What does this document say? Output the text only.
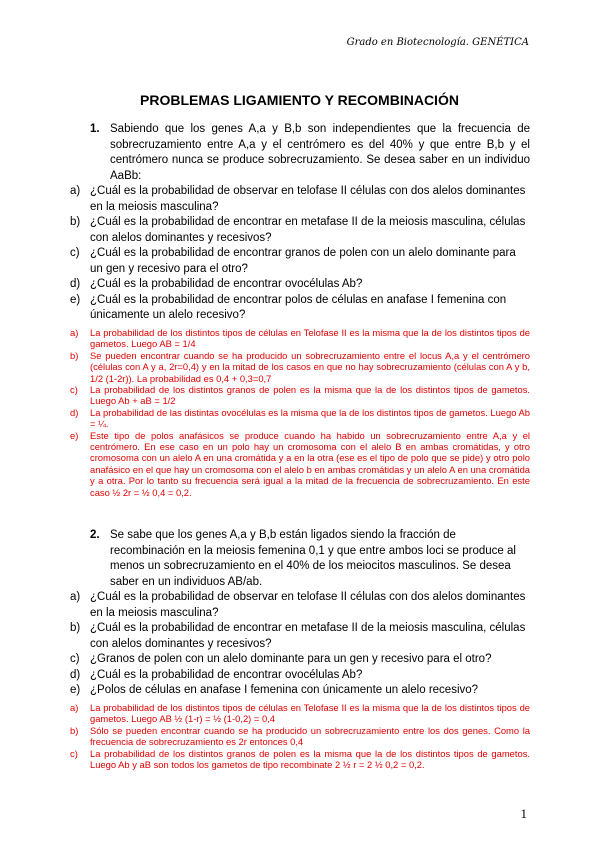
Grado en Biotecnología. GENÉTICA
PROBLEMAS LIGAMIENTO Y RECOMBINACIÓN
1. Sabiendo que los genes A,a y B,b son independientes que la frecuencia de sobrecruzamiento entre A,a y el centrómero es del 40% y que entre B,b y el centrómero nunca se produce sobrecruzamiento. Se desea saber en un individuo AaBb:
a) ¿Cuál es la probabilidad de observar en telofase II células con dos alelos dominantes en la meiosis masculina?
b) ¿Cuál es la probabilidad de encontrar en metafase II de la meiosis masculina, células con alelos dominantes y recesivos?
c) ¿Cuál es la probabilidad de encontrar granos de polen con un alelo dominante para un gen y recesivo para el otro?
d) ¿Cuál es la probabilidad de encontrar ovocélulas Ab?
e) ¿Cuál es la probabilidad de encontrar polos de células en anafase I femenina con únicamente un alelo recesivo?
a)	La probabilidad de los distintos tipos de células en Telofase II es la misma que la de los distintos tipos de gametos. Luego AB = 1/4
b)	Se pueden encontrar cuando se ha producido un sobrecruzamiento entre el locus A,a y el centrómero (células con A y a, 2r=0,4) y en la mitad de los casos en que no hay sobrecruzamiento (células con A y b, 1/2 (1-2r)). La probabilidad es 0,4 + 0,3=0,7
c)	La probabilidad de los distintos granos de polen es la misma que la de los distintos tipos de gametos. Luego Ab + aB = 1/2
d)	La probabilidad de las distintas ovocélulas es la misma que la de los distintos tipos de gametos. Luego Ab = ¼.
e)	Este tipo de polos anafásicos se produce cuando ha habido un sobrecruzamiento entre A,a y el centrómero. En ese caso en un polo hay un cromosoma con el alelo B en ambas cromátidas, y otro cromosoma con un alelo A en una cromátida y a en la otra (ese es el tipo de polo que se pide) y otro polo anafásico en el que hay un cromosoma con el alelo b en ambas cromátidas y un alelo A en una cromátida y a otra. Por lo tanto su frecuencia será igual a la mitad de la frecuencia de sobrecruzamiento. En este caso ½ 2r = ½ 0,4 = 0,2.
2. Se sabe que los genes A,a y B,b están ligados siendo la fracción de recombinación en la meiosis femenina 0,1 y que entre ambos loci se produce al menos un sobrecruzamiento en el 40% de los meiocitos masculinos. Se desea saber en un individuos AB/ab.
a) ¿Cuál es la probabilidad de observar en telofase II células con dos alelos dominantes en la meiosis masculina?
b) ¿Cuál es la probabilidad de encontrar en metafase II de la meiosis masculina, células con alelos dominantes y recesivos?
c) ¿Granos de polen con un alelo dominante para un gen y recesivo para el otro?
d) ¿Cuál es la probabilidad de encontrar ovocélulas Ab?
e) ¿Polos de células en anafase I femenina con únicamente un alelo recesivo?
a)	La probabilidad de los distintos tipos de células en Telofase II es la misma que la de los distintos tipos de gametos. Luego AB ½ (1-r) = ½ (1-0,2) = 0,4
b)	Sólo se pueden encontrar cuando se ha producido un sobrecruzamiento entre los dos genes. Como la frecuencia de sobrecruzamiento es 2r entonces 0,4
c)	La probabilidad de los distintos granos de polen es la misma que la de los distintos tipos de gametos. Luego Ab y aB son todos los gametos de tipo recombinate 2 ½ r = 2 ½ 0,2 = 0,2.
1
